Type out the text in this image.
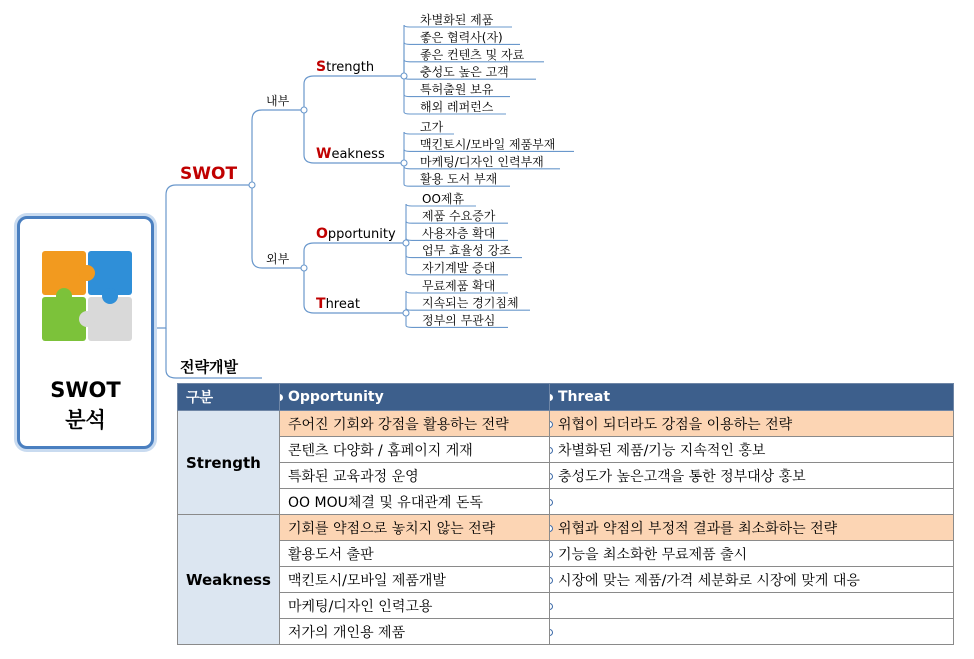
SWOT
내부
외부
Strength
Weakness
Opportunity
Threat
차별화된 제품
좋은 협력사(자)
좋은 컨텐츠 및 자료
충성도 높은 고객
특허출원 보유
해외 레퍼런스
고가
맥킨토시/모바일 제품부재
마케팅/디자인 인력부재
활용 도서 부재
OO제휴
제품 수요증가
사용자층 확대
업무 효율성 강조
자기계발 증대
무료제품 확대
지속되는 경기침체
정부의 무관심
전략개발
SWOT
분석
구분	Opportunity	Threat
Strength	주어진 기회와 강점을 활용하는 전략	위협이 되더라도 강점을 이용하는 전략
	콘텐츠 다양화 / 홈페이지 게재	차별화된 제품/기능 지속적인 홍보
	특화된 교육과정 운영	충성도가 높은고객을 통한 정부대상 홍보
	OO MOU체결 및 유대관계 돈독	

Weakness	기회를 약점으로 놓치지 않는 전략	위협과 약점의 부정적 결과를 최소화하는 전략
	활용도서 출판	기능을 최소화한 무료제품 출시
	맥킨토시/모바일 제품개발	시장에 맞는 제품/가격 세분화로 시장에 맞게 대응
	마케팅/디자인 인력고용	

	저가의 개인용 제품	
